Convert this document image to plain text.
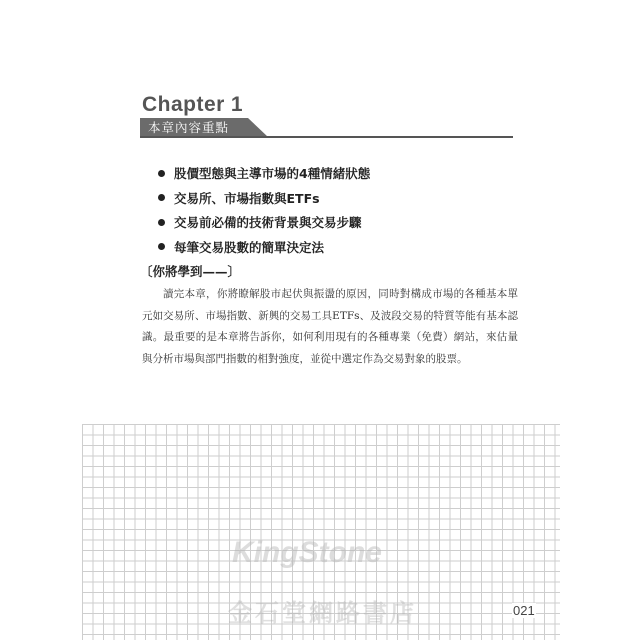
Chapter 1
本章內容重點
股價型態與主導市場的4種情緒狀態
交易所、市場指數與ETFs
交易前必備的技術背景與交易步驟
每筆交易股數的簡單決定法
〔你將學到——〕

讀完本章，你將瞭解股市起伏與振盪的原因，同時對構成市場的各種基本單元如交易所、市場指數、新興的交易工具ETFs、及波段交易的特質等能有基本認識。最重要的是本章將告訴你，如何利用現有的各種專業（免費）網站，來估量與分析市場與部門指數的相對強度，並從中選定作為交易對象的股票。

KingStone
金石堂網路書店	021
